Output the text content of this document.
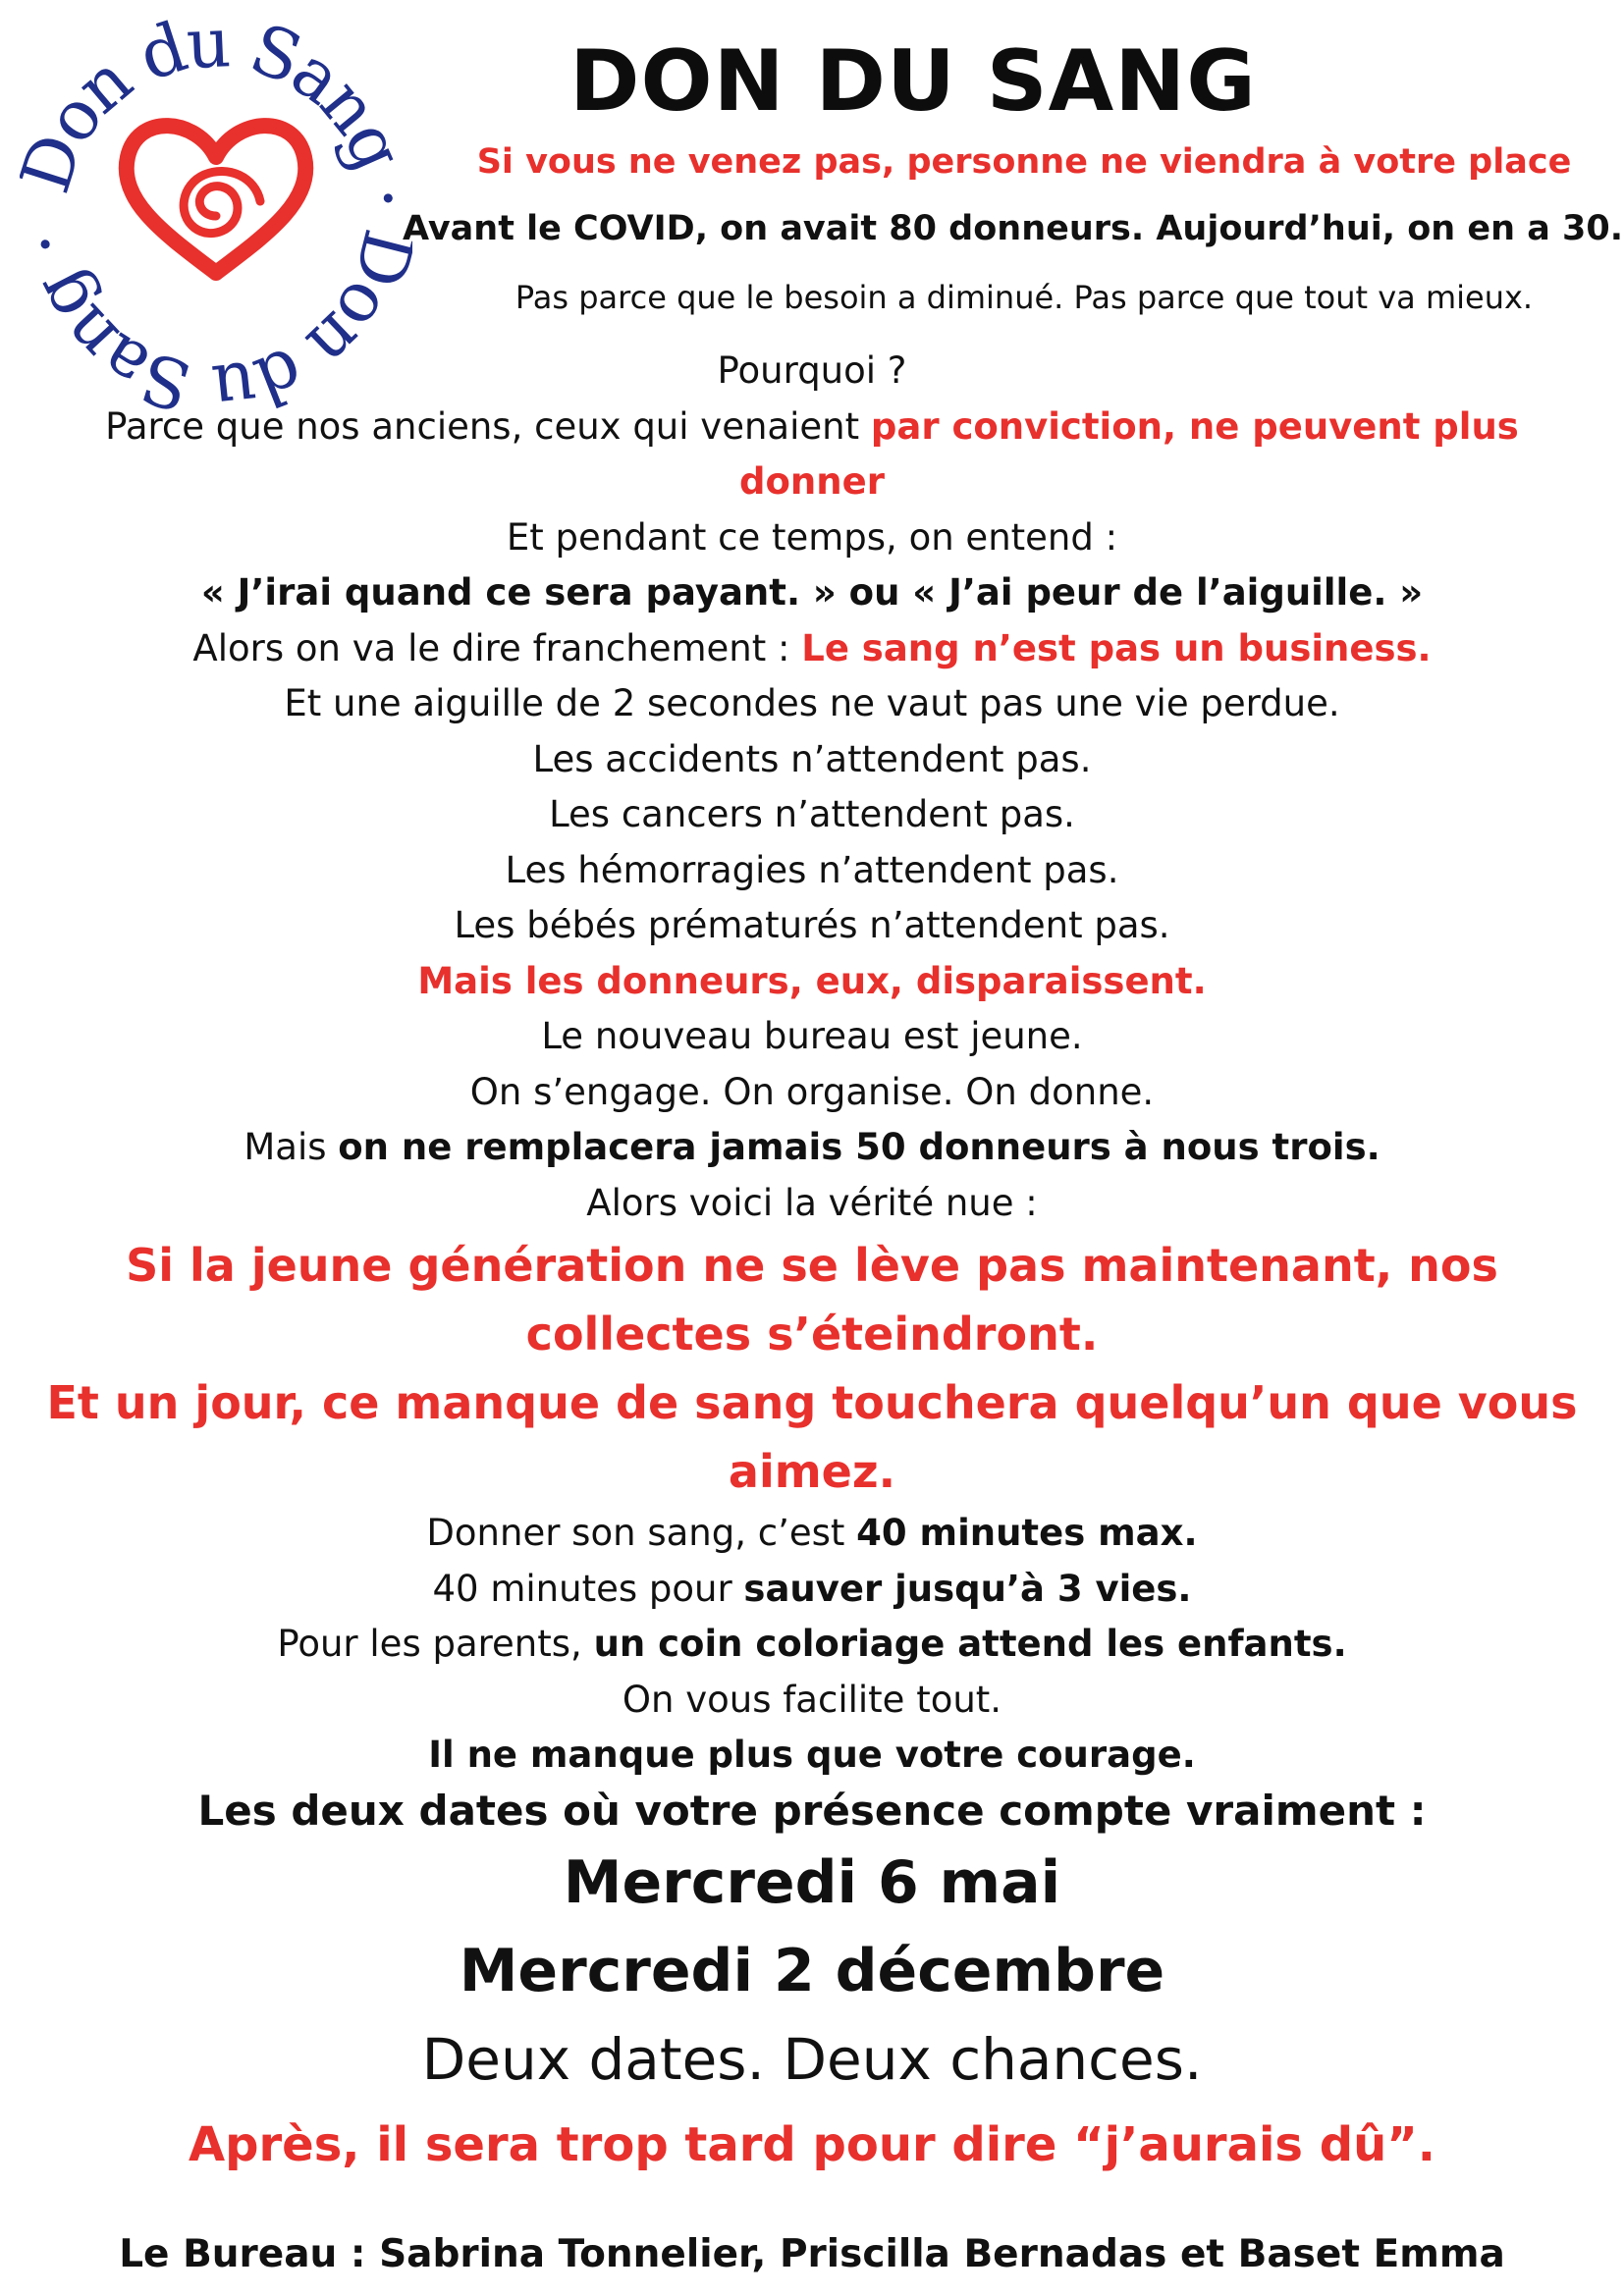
on du Sang  on du Sang
DON DU SANG
Si vous ne venez pas, personne ne viendra à votre place
Avant le COVID, on avait 80 donneurs. Aujourd’hui, on en a 30.
Pas parce que le besoin a diminué. Pas parce que tout va mieux.

Pourquoi ?

Parce que nos anciens, ceux qui venaient par conviction, ne peuvent plus donner

Et pendant ce temps, on entend :

« J’irai quand ce sera payant. » ou « J’ai peur de l’aiguille. »

Alors on va le dire franchement : Le sang n’est pas un business.

Et une aiguille de 2 secondes ne vaut pas une vie perdue.

Les accidents n’attendent pas.

Les cancers n’attendent pas.

Les hémorragies n’attendent pas.

Les bébés prématurés n’attendent pas.

Mais les donneurs, eux, disparaissent.

Le nouveau bureau est jeune.

On s’engage. On organise. On donne.

Mais on ne remplacera jamais 50 donneurs à nous trois.

Alors voici la vérité nue :

Si la jeune génération ne se lève pas maintenant, nos collectes s’éteindront.

Et un jour, ce manque de sang touchera quelqu’un que vous aimez.

Donner son sang, c’est 40 minutes max.

40 minutes pour sauver jusqu’à 3 vies.

Pour les parents, un coin coloriage attend les enfants.

On vous facilite tout.

Il ne manque plus que votre courage.

Les deux dates où votre présence compte vraiment :

Mercredi 6 mai

Mercredi 2 décembre

Deux dates. Deux chances.

Après, il sera trop tard pour dire “j’aurais dû”.

Le Bureau : Sabrina Tonnelier, Priscilla Bernadas et Baset Emma
